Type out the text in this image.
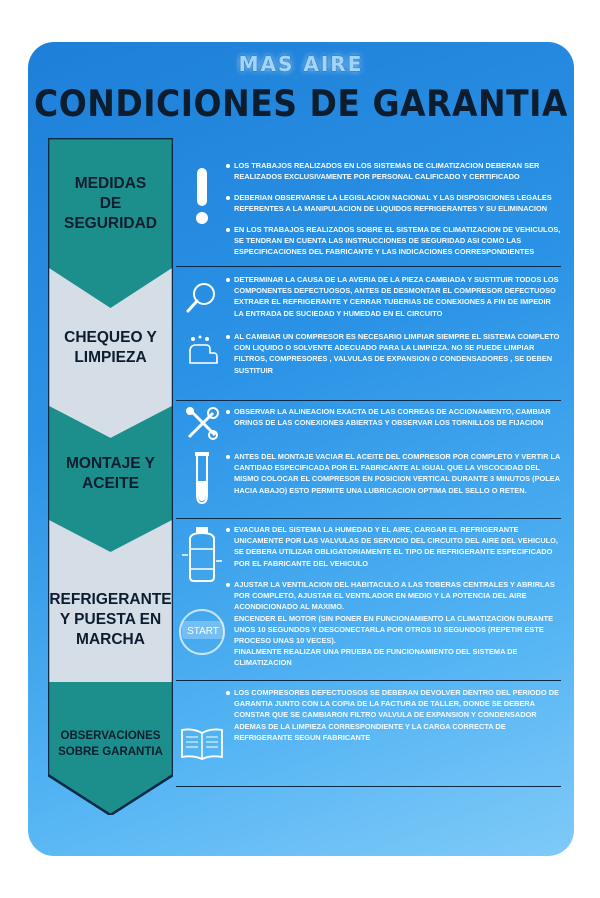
MAS AIRE
CONDICIONES DE GARANTIA
MEDIDAS
DE
SEGURIDAD
CHEQUEO Y
LIMPIEZA
MONTAJE Y
ACEITE
REFRIGERANTE
Y PUESTA EN
MARCHA
OBSERVACIONES
SOBRE GARANTIA
START
LOS TRABAJOS REALIZADOS EN LOS SISTEMAS DE CLIMATIZACION DEBERAN SER REALIZADOS EXCLUSIVAMENTE POR PERSONAL CALIFICADO Y CERTIFICADO
DEBERIAN OBSERVARSE LA LEGISLACION NACIONAL Y LAS DISPOSICIONES LEGALES REFERENTES A LA MANIPULACION DE LIQUIDOS REFRIGERANTES Y SU ELIMINACION
EN LOS TRABAJOS REALIZADOS SOBRE EL SISTEMA DE CLIMATIZACION DE VEHICULOS, SE TENDRAN EN CUENTA LAS INSTRUCCIONES DE SEGURIDAD ASI COMO LAS ESPECIFICACIONES DEL FABRICANTE Y LAS INDICACIONES CORRESPONDIENTES
DETERMINAR LA CAUSA DE LA AVERIA DE LA PIEZA CAMBIADA Y SUSTITUIR TODOS LOS COMPONENTES DEFECTUOSOS, ANTES DE DESMONTAR EL COMPRESOR DEFECTUOSO EXTRAER EL REFRIGERANTE Y CERRAR TUBERIAS DE CONEXIONES A FIN DE IMPEDIR LA ENTRADA DE SUCIEDAD Y HUMEDAD EN EL CIRCUITO
AL CAMBIAR UN COMPRESOR ES NECESARIO LIMPIAR SIEMPRE EL SISTEMA COMPLETO
CON LIQUIDO O SOLVENTE ADECUADO PARA LA LIMPIEZA. NO SE PUEDE LIMPIAR FILTROS, COMPRESORES , VALVULAS DE EXPANSION O CONDENSADORES , SE DEBEN SUSTITUIR
OBSERVAR LA ALINEACION EXACTA DE LAS CORREAS DE ACCIONAMIENTO, CAMBIAR ORINGS DE LAS CONEXIONES ABIERTAS Y OBSERVAR LOS TORNILLOS DE FIJACION
ANTES DEL MONTAJE VACIAR EL ACEITE DEL COMPRESOR POR COMPLETO Y VERTIR LA CANTIDAD ESPECIFICADA POR EL FABRICANTE AL IGUAL QUE LA VISCOCIDAD DEL MISMO COLOCAR EL COMPRESOR EN POSICION VERTICAL DURANTE 3 MINUTOS (POLEA HACIA ABAJO) ESTO PERMITE UNA LUBRICACION OPTIMA DEL SELLO O RETEN.
EVACUAR DEL SISTEMA LA HUMEDAD Y EL AIRE, CARGAR EL REFRIGERANTE UNICAMENTE POR LAS VALVULAS DE SERVICIO DEL CIRCUITO DEL AIRE DEL VEHICULO, SE DEBERA UTILIZAR OBLIGATORIAMENTE EL TIPO DE REFRIGERANTE ESPECIFICADO POR EL FABRICANTE DEL VEHICULO
AJUSTAR LA VENTILACION DEL HABITACULO A LAS TOBERAS CENTRALES Y ABRIRLAS POR COMPLETO, AJUSTAR EL VENTILADOR EN MEDIO Y LA POTENCIA DEL AIRE ACONDICIONADO AL MAXIMO.
ENCENDER EL MOTOR (SIN PONER EN FUNCIONAMIENTO LA CLIMATIZACION DURANTE UNOS 10 SEGUNDOS Y DESCONECTARLA POR OTROS 10 SEGUNDOS (REPETIR ESTE PROCESO UNAS 10 VECES).
FINALMENTE REALIZAR UNA PRUEBA DE FUNCIONAMIENTO DEL SISTEMA DE CLIMATIZACION
LOS COMPRESORES DEFECTUOSOS SE DEBERAN DEVOLVER DENTRO DEL PERIODO DE GARANTIA JUNTO CON LA COPIA DE LA FACTURA DE TALLER, DONDE SE DEBERA CONSTAR QUE SE CAMBIARON FILTRO VALVULA DE EXPANSION Y CONDENSADOR ADEMAS DE LA LIMPIEZA CORRESPONDIENTE Y LA CARGA CORRECTA DE REFRIGERANTE SEGUN FABRICANTE
